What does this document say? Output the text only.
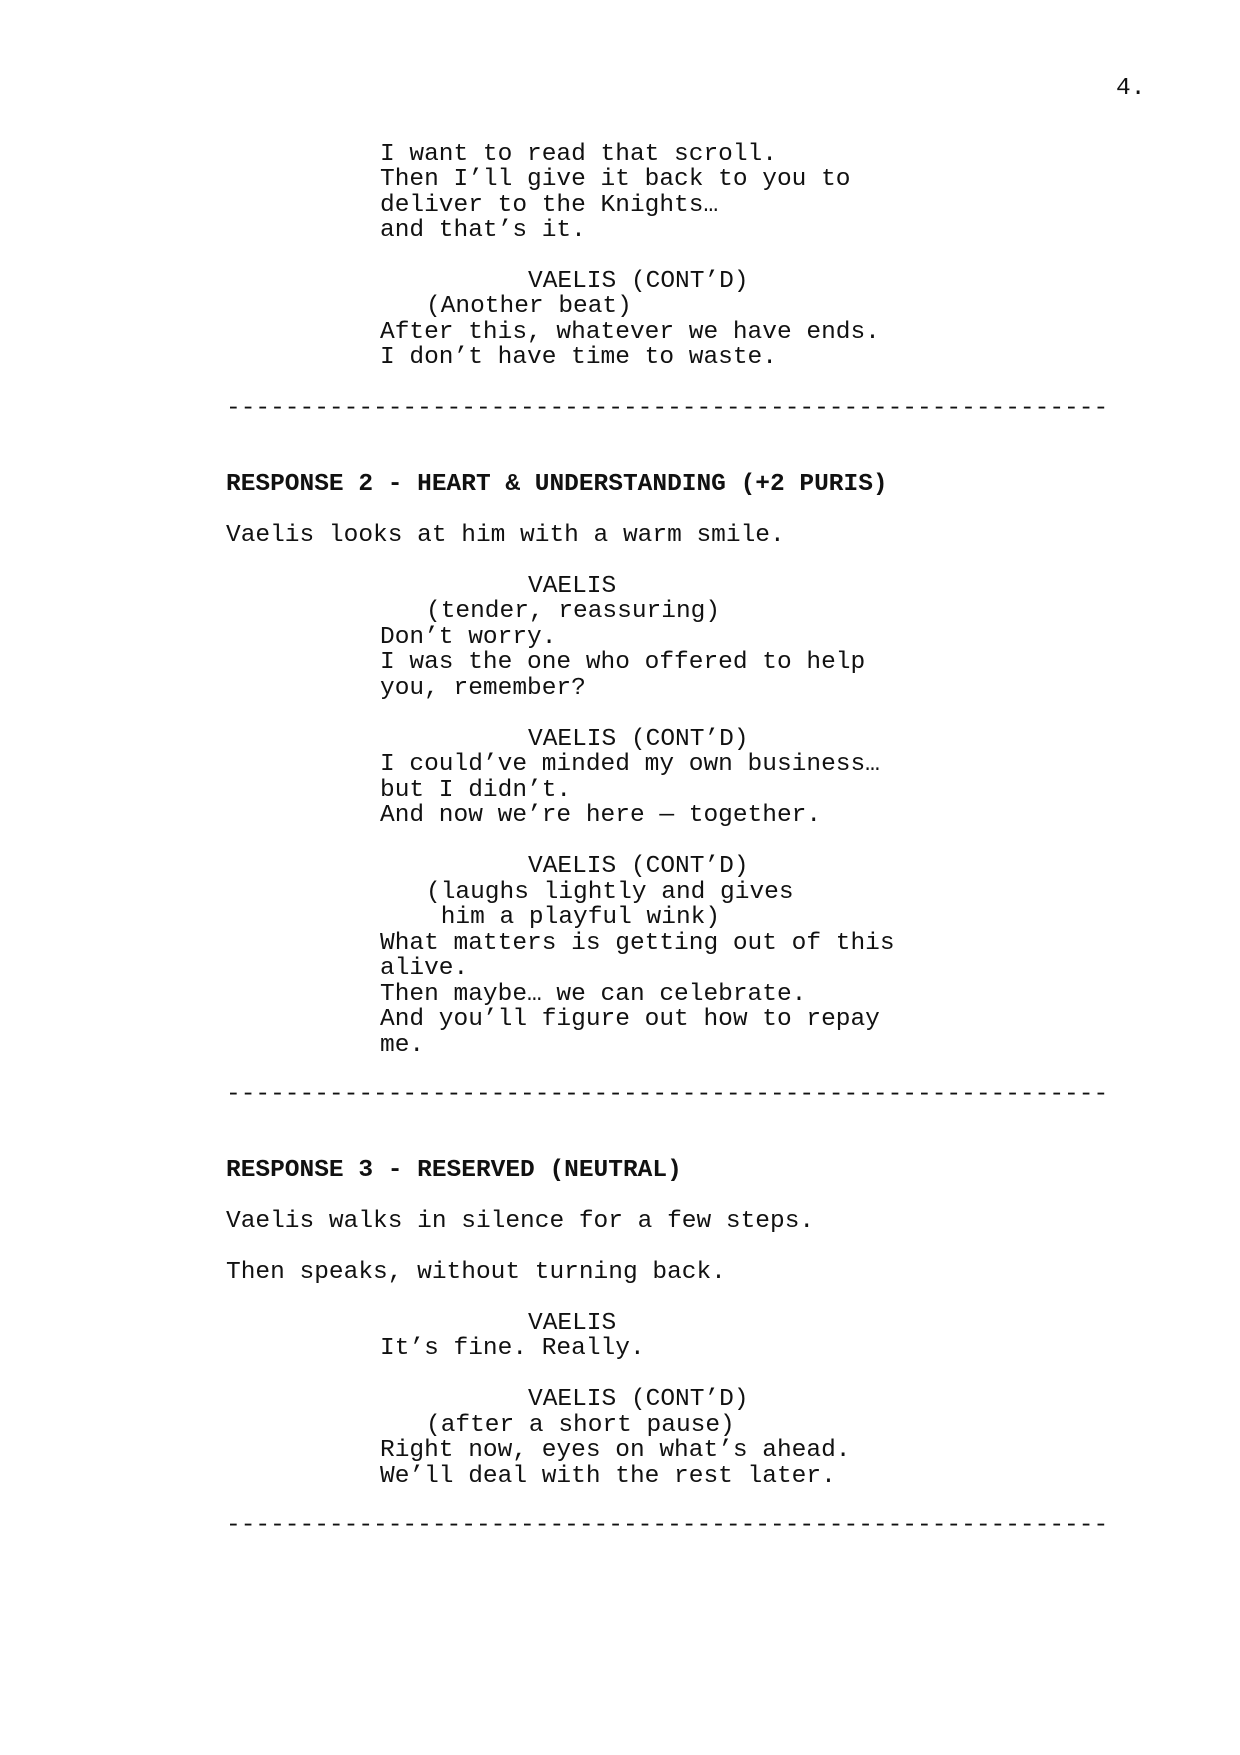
4.
I want to read that scroll.
Then I’ll give it back to you to
deliver to the Knights…
and that’s it.
VAELIS (CONT’D)
(Another beat)
After this, whatever we have ends.
I don’t have time to waste.
------------------------------------------------------------
RESPONSE 2 - HEART & UNDERSTANDING (+2 PURIS)
Vaelis looks at him with a warm smile.
VAELIS
(tender, reassuring)
Don’t worry.
I was the one who offered to help
you, remember?
VAELIS (CONT’D)
I could’ve minded my own business…
but I didn’t.
And now we’re here — together.
VAELIS (CONT’D)
(laughs lightly and gives
him a playful wink)
What matters is getting out of this
alive.
Then maybe… we can celebrate.
And you’ll figure out how to repay
me.
------------------------------------------------------------
RESPONSE 3 - RESERVED (NEUTRAL)
Vaelis walks in silence for a few steps.
Then speaks, without turning back.
VAELIS
It’s fine. Really.
VAELIS (CONT’D)
(after a short pause)
Right now, eyes on what’s ahead.
We’ll deal with the rest later.
------------------------------------------------------------
